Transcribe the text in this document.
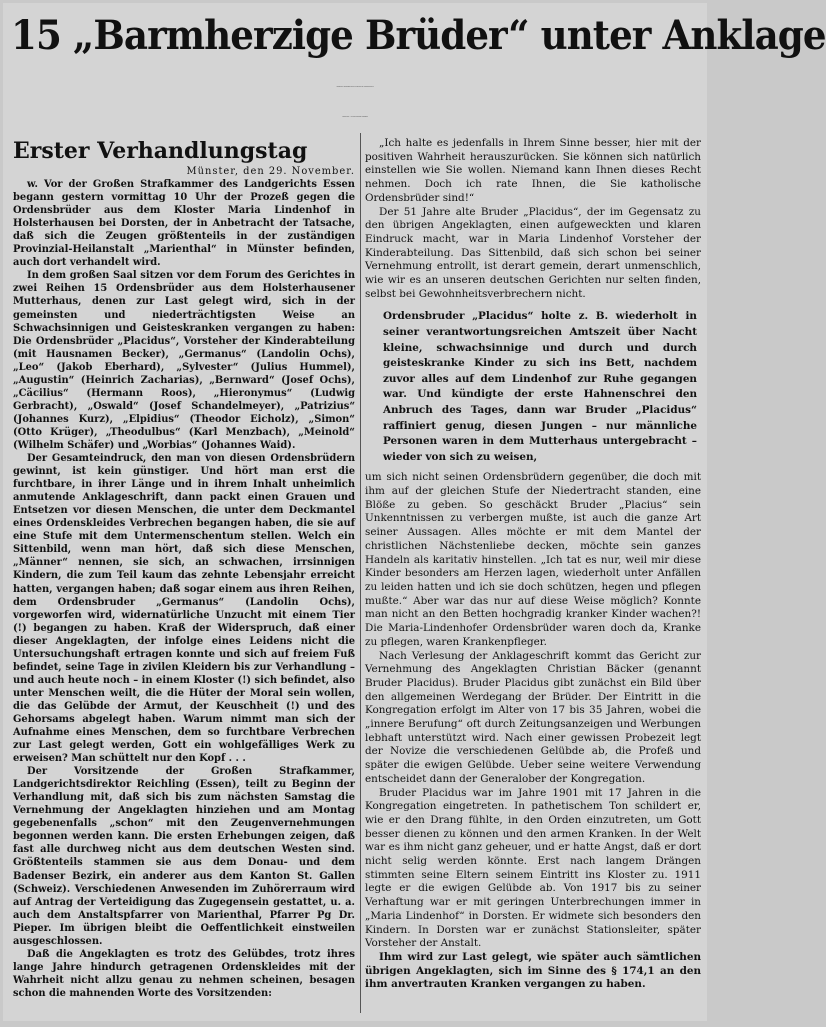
15 „Barmherzige Brüder“ unter Anklage
Sämtlichen Angeklagten werden Verbrechen an Schutzbefohlenen
vorgeworfen – Ein Bild niedrigster Entartung

Erster Verhandlungstag

Münster, den 29. November.

w. Vor der Großen Strafkammer des Landgerichts Essen begann gestern vormittag 10 Uhr der Prozeß gegen die Ordensbrüder aus dem Kloster Maria Lindenhof in Holsterhausen bei Dorsten, der in Anbetracht der Tatsache, daß sich die Zeugen größtenteils in der zuständigen Provinzial-Heilanstalt „Marienthal“ in Münster befinden, auch dort verhandelt wird.

In dem großen Saal sitzen vor dem Forum des Gerichtes in zwei Reihen 15 Ordensbrüder aus dem Holsterhausener Mutterhaus, denen zur Last gelegt wird, sich in der gemeinsten und niederträchtigsten Weise an Schwachsinnigen und Geisteskranken vergangen zu haben: Die Ordensbrüder „Placidus“, Vorsteher der Kinderabteilung (mit Hausnamen Becker), „Germanus“ (Landolin Ochs), „Leo“ (Jakob Eberhard), „Sylvester“ (Julius Hummel), „Augustin“ (Heinrich Zacharias), „Bernward“ (Josef Ochs), „Cäcilius“ (Hermann Roos), „Hieronymus“ (Ludwig Gerbracht), „Oswald“ (Josef Schandelmeyer), „Patrizius“ (Johannes Kurz), „Elpidius“ (Theodor Eicholz), „Simon“ (Otto Krüger), „Theodulbus“ (Karl Menzbach), „Meinold“ (Wilhelm Schäfer) und „Worbias“ (Johannes Waid).

Der Gesamteindruck, den man von diesen Ordensbrüdern gewinnt, ist kein günstiger. Und hört man erst die furchtbare, in ihrer Länge und in ihrem Inhalt unheimlich anmutende Anklageschrift, dann packt einen Grauen und Entsetzen vor diesen Menschen, die unter dem Deckmantel eines Ordenskleides Verbrechen begangen haben, die sie auf eine Stufe mit dem Untermenschentum stellen. Welch ein Sittenbild, wenn man hört, daß sich diese Menschen, „Männer“ nennen, sie sich, an schwachen, irrsinnigen Kindern, die zum Teil kaum das zehnte Lebensjahr erreicht hatten, vergangen haben; daß sogar einem aus ihren Reihen, dem Ordensbruder „Germanus“ (Landolin Ochs), vorgeworfen wird, widernatürliche Unzucht mit einem Tier (!) begangen zu haben. Kraß der Widerspruch, daß einer dieser Angeklagten, der infolge eines Leidens nicht die Untersuchungshaft ertragen konnte und sich auf freiem Fuß befindet, seine Tage in zivilen Kleidern bis zur Verhandlung – und auch heute noch – in einem Kloster (!) sich befindet, also unter Menschen weilt, die die Hüter der Moral sein wollen, die das Gelübde der Armut, der Keuschheit (!) und des Gehorsams abgelegt haben. Warum nimmt man sich der Aufnahme eines Menschen, dem so furchtbare Verbrechen zur Last gelegt werden, Gott ein wohlgefälliges Werk zu erweisen? Man schüttelt nur den Kopf . . .

Der Vorsitzende der Großen Strafkammer, Landgerichtsdirektor Reichling (Essen), teilt zu Beginn der Verhandlung mit, daß sich bis zum nächsten Samstag die Vernehmung der Angeklagten hinziehen und am Montag gegebenenfalls „schon“ mit den Zeugenvernehmungen begonnen werden kann. Die ersten Erhebungen zeigen, daß fast alle durchweg nicht aus dem deutschen Westen sind. Größtenteils stammen sie aus dem Donau- und dem Badenser Bezirk, ein anderer aus dem Kanton St. Gallen (Schweiz). Verschiedenen Anwesenden im Zuhörerraum wird auf Antrag der Verteidigung das Zugegensein gestattet, u. a. auch dem Anstaltspfarrer von Marienthal, Pfarrer Pg Dr. Pieper. Im übrigen bleibt die Oeffentlichkeit einstweilen ausgeschlossen.

Daß die Angeklagten es trotz des Gelübdes, trotz ihres lange Jahre hindurch getragenen Ordenskleides mit der Wahrheit nicht allzu genau zu nehmen scheinen, besagen schon die mahnenden Worte des Vorsitzenden:

„Ich halte es jedenfalls in Ihrem Sinne besser, hier mit der positiven Wahrheit herauszurücken. Sie können sich natürlich einstellen wie Sie wollen. Niemand kann Ihnen dieses Recht nehmen. Doch ich rate Ihnen, die Sie katholische Ordensbrüder sind!“

Der 51 Jahre alte Bruder „Placidus“, der im Gegensatz zu den übrigen Angeklagten, einen aufgeweckten und klaren Eindruck macht, war in Maria Lindenhof Vorsteher der Kinderabteilung. Das Sittenbild, daß sich schon bei seiner Vernehmung entrollt, ist derart gemein, derart unmenschlich, wie wir es an unseren deutschen Gerichten nur selten finden, selbst bei Gewohnheitsverbrechern nicht.

Ordensbruder „Placidus“ holte z. B. wiederholt in seiner verantwortungsreichen Amtszeit über Nacht kleine, schwachsinnige und durch und durch geisteskranke Kinder zu sich ins Bett, nachdem zuvor alles auf dem Lindenhof zur Ruhe gegangen war. Und kündigte der erste Hahnenschrei den Anbruch des Tages, dann war Bruder „Placidus“ raffiniert genug, diesen Jungen – nur männliche Personen waren in dem Mutterhaus untergebracht – wieder von sich zu weisen,

um sich nicht seinen Ordensbrüdern gegenüber, die doch mit ihm auf der gleichen Stufe der Niedertracht standen, eine Blöße zu geben. So geschäckt Bruder „Placius“ sein Unkenntnissen zu verbergen mußte, ist auch die ganze Art seiner Aussagen. Alles möchte er mit dem Mantel der christlichen Nächstenliebe decken, möchte sein ganzes Handeln als karitativ hinstellen. „Ich tat es nur, weil mir diese Kinder besonders am Herzen lagen, wiederholt unter Anfällen zu leiden hatten und ich sie doch schützen, hegen und pflegen mußte.“ Aber war das nur auf diese Weise möglich? Konnte man nicht an den Betten hochgradig kranker Kinder wachen?! Die Maria-Lindenhofer Ordensbrüder waren doch da, Kranke zu pflegen, waren Krankenpfleger.

Nach Verlesung der Anklageschrift kommt das Gericht zur Vernehmung des Angeklagten Christian Bäcker (genannt Bruder Placidus). Bruder Placidus gibt zunächst ein Bild über den allgemeinen Werdegang der Brüder. Der Eintritt in die Kongregation erfolgt im Alter von 17 bis 35 Jahren, wobei die „innere Berufung“ oft durch Zeitungsanzeigen und Werbungen lebhaft unterstützt wird. Nach einer gewissen Probezeit legt der Novize die verschiedenen Gelübde ab, die Profeß und später die ewigen Gelübde. Ueber seine weitere Verwendung entscheidet dann der Generalober der Kongregation.

Bruder Placidus war im Jahre 1901 mit 17 Jahren in die Kongregation eingetreten. In pathetischem Ton schildert er, wie er den Drang fühlte, in den Orden einzutreten, um Gott besser dienen zu können und den armen Kranken. In der Welt war es ihm nicht ganz geheuer, und er hatte Angst, daß er dort nicht selig werden könnte. Erst nach langem Drängen stimmten seine Eltern seinem Eintritt ins Kloster zu. 1911 legte er die ewigen Gelübde ab. Von 1917 bis zu seiner Verhaftung war er mit geringen Unterbrechungen immer in „Maria Lindenhof“ in Dorsten. Er widmete sich besonders den Kindern. In Dorsten war er zunächst Stationsleiter, später Vorsteher der Anstalt.

Ihm wird zur Last gelegt, wie später auch sämtlichen übrigen Angeklagten, sich im Sinne des § 174,1 an den ihm anvertrauten Kranken vergangen zu haben.
